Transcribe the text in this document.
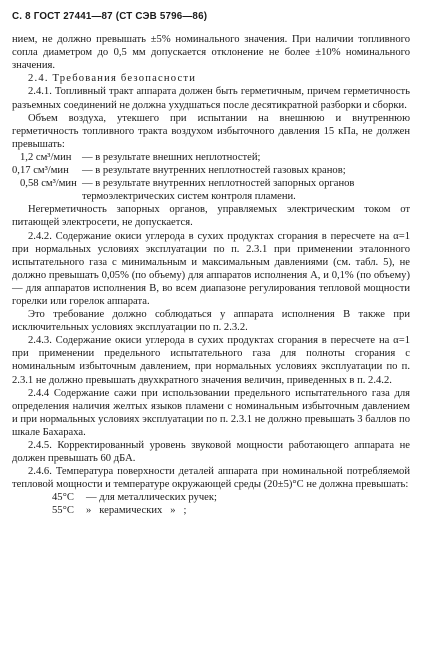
С. 8 ГОСТ 27441—87 (СТ СЭВ 5796—86)

нием, не должно превышать ±5% номинального значения. При наличии топливного сопла диаметром до 0,5 мм допускается отклонение не более ±10% номинального значения.

2.4. Требования безопасности

2.4.1. Топливный тракт аппарата должен быть герметичным, причем герметичность разъемных соединений не должна ухудшаться после десятикратной разборки и сборки.

Объем воздуха, утекшего при испытании на внешнюю и внутреннюю герметичность топливного тракта воздухом избыточного давления 15 кПа, не должен превышать:

1,2 см³/мин — в результате внешних неплотностей;
0,17 см³/мин	— в результате внутренних неплотностей газовых кранов;
0,58 см³/мин — в результате внутренних неплотностей запорных органов термоэлектрических систем контроля пламени.

Негерметичность запорных органов, управляемых электрическим током от питающей электросети, не допускается.

2.4.2. Содержание окиси углерода в сухих продуктах сгорания в пересчете на α=1 при нормальных условиях эксплуатации по п. 2.3.1 при применении эталонного испытательного газа с минимальным и максимальным давлениями (см. табл. 5), не должно превышать 0,05% (по объему) для аппаратов исполнения А, и 0,1% (по объему) — для аппаратов исполнения В, во всем диапазоне регулирования тепловой мощности горелки или горелок аппарата.

Это требование должно соблюдаться у аппарата исполнения В также при исключительных условиях эксплуатации по п. 2.3.2.

2.4.3. Содержание окиси углерода в сухих продуктах сгорания в пересчете на α=1 при применении предельного испытательного газа для полноты сгорания с номинальным избыточным давлением, при нормальных условиях эксплуатации по п. 2.3.1 не должно превышать двухкратного значения величин, приведенных в п. 2.4.2.

2.4.4 Содержание сажи при использовании предельного испытательного газа для определения наличия желтых языков пламени с номинальным избыточным давлением и при нормальных условиях эксплуатации по п. 2.3.1 не должно превышать 3 баллов по шкале Бахараха.

2.4.5. Корректированный уровень звуковой мощности работающего аппарата не должен превышать 60 дБА.

2.4.6. Температура поверхности деталей аппарата при номинальной потребляемой тепловой мощности и температуре окружающей среды (20±5)°С не должна превышать:

45°С	— для металлических ручек;
55°С	»   керамических   »   ;
